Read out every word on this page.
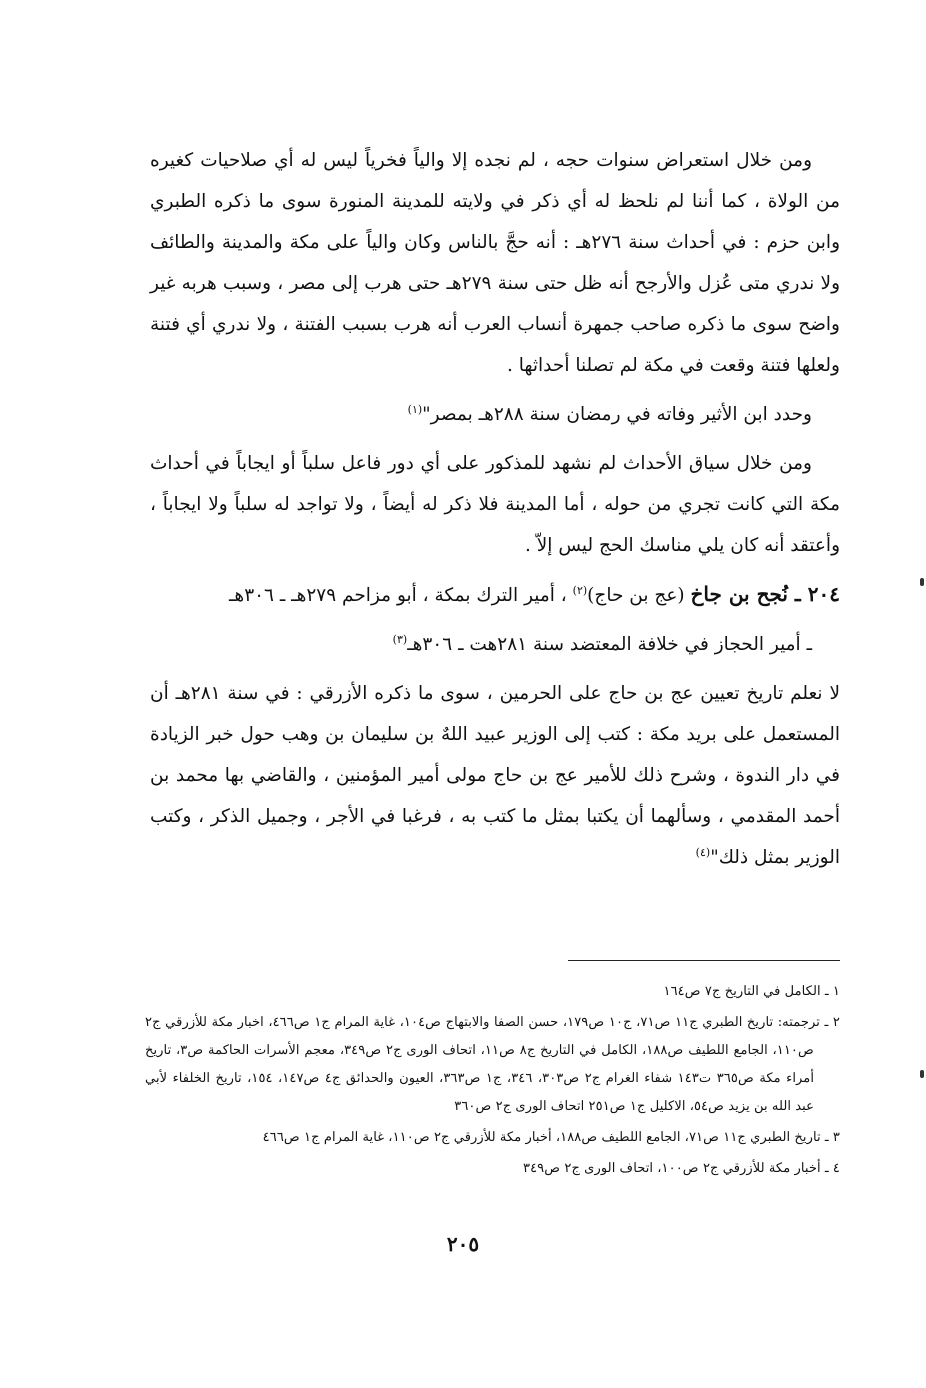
ومن خلال استعراض سنوات حجه ، لم نجده إلا والياً فخرياً ليس له أي صلاحيات كغيره من الولاة ، كما أننا لم نلحظ له أي ذكر في ولايته للمدينة المنورة سوى ما ذكره الطبري وابن حزم : في أحداث سنة ٢٧٦هـ : أنه حجَّ بالناس وكان والياً على مكة والمدينة والطائف ولا ندري متى عُزل والأرجح أنه ظل حتى سنة ٢٧٩هـ حتى هرب إلى مصر ، وسبب هربه غير واضح سوى ما ذكره صاحب جمهرة أنساب العرب أنه هرب بسبب الفتنة ، ولا ندري أي فتنة ولعلها فتنة وقعت في مكة لم تصلنا أحداثها .

وحدد ابن الأثير وفاته في رمضان سنة ٢٨٨هـ بمصر"$^{(١)}$

ومن خلال سياق الأحداث لم نشهد للمذكور على أي دور فاعل سلباً أو ايجاباً في أحداث مكة التي كانت تجري من حوله ، أما المدينة فلا ذكر له أيضاً ، ولا تواجد له سلباً ولا ايجاباً ، وأعتقد أنه كان يلي مناسك الحج ليس إلاّ .

٢٠٤ ـ نُجح بن جاخ (عج بن حاج)$^{(٢)}$ ، أمير الترك بمكة ، أبو مزاحم ٢٧٩هـ ـ ٣٠٦هـ

ـ أمير الحجاز في خلافة المعتضد سنة ٢٨١هت ـ ٣٠٦هـ$^{(٣)}$

لا نعلم تاريخ تعيين عج بن حاج على الحرمين ، سوى ما ذكره الأزرقي : في سنة ٢٨١هـ أن المستعمل على بريد مكة : كتب إلى الوزير عبيد اللهٌ بن سليمان بن وهب حول خبر الزيادة في دار الندوة ، وشرح ذلك للأمير عج بن حاج مولى أمير المؤمنين ، والقاضي بها محمد بن أحمد المقدمي ، وسألهما أن يكتبا بمثل ما كتب به ، فرغبا في الأجر ، وجميل الذكر ، وكتب الوزير بمثل ذلك"$^{(٤)}$

١ ـ الكامل في التاريخ ج٧ ص١٦٤

٢ ـ ترجمته: تاريخ الطبري ج١١ ص٧١، ج١٠ ص١٧٩، حسن الصفا والابتهاج ص١٠٤، غاية المرام ج١ ص٤٦٦، اخبار مكة للأزرقي ج٢ ص١١٠، الجامع اللطيف ص١٨٨، الكامل في التاريخ ج٨ ص١١، اتحاف الورى ج٢ ص٣٤٩، معجم الأسرات الحاكمة ص٣، تاريخ أمراء مكة ص٣٦٥ ت١٤٣ شفاء الغرام ج٢ ص٣٠٣، ٣٤٦، ج١ ص٣٦٣، العيون والحدائق ج٤ ص١٤٧، ١٥٤، تاريخ الخلفاء لأبي عبد الله بن يزيد ص٥٤، الاكليل ج١ ص٢٥١ اتحاف الورى ج٢ ص٣٦٠

٣ ـ تاريخ الطبري ج١١ ص٧١، الجامع اللطيف ص١٨٨، أخبار مكة للأزرقي ج٢ ص١١٠، غاية المرام ج١ ص٤٦٦

٤ ـ أخبار مكة للأزرقي ج٢ ص١٠٠، اتحاف الورى ج٢ ص٣٤٩

٢٠٥
